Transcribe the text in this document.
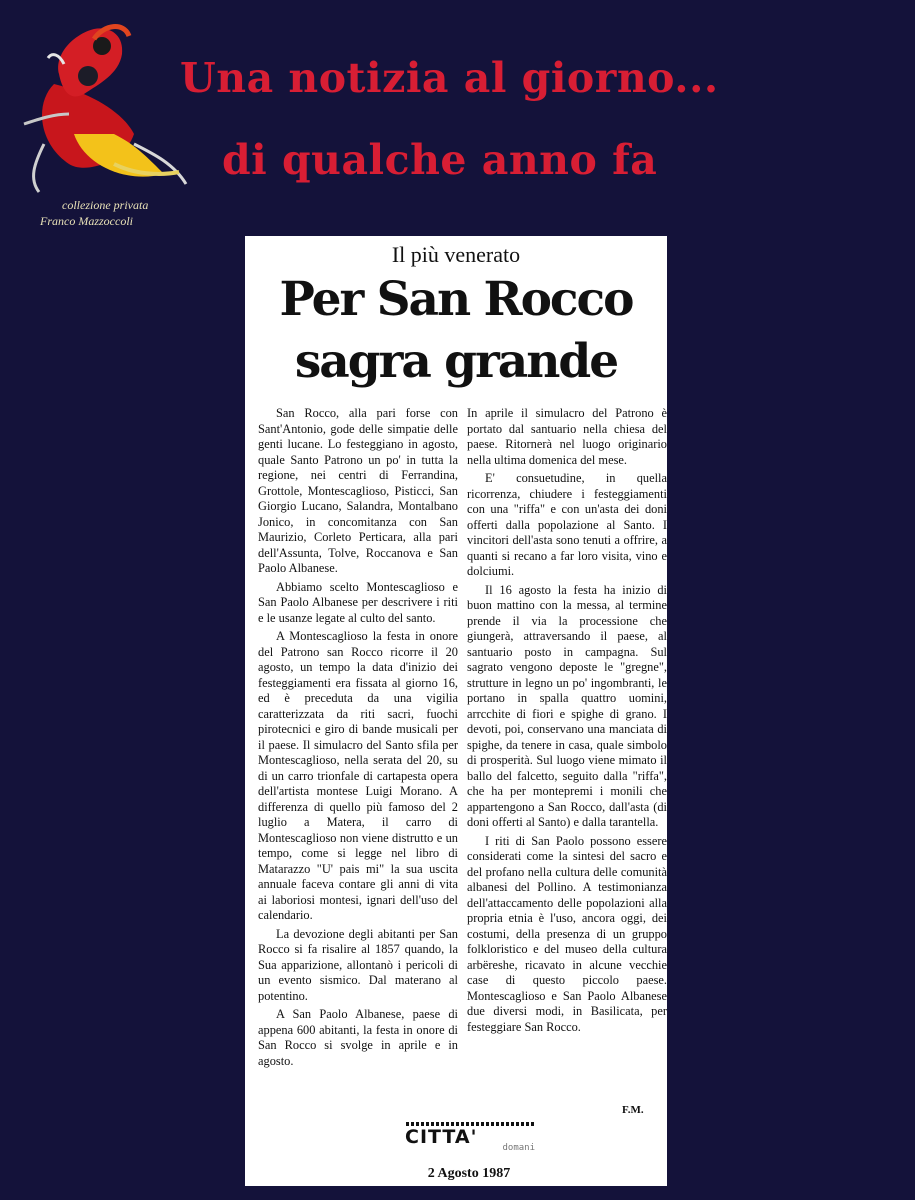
collezione privata
Franco Mazzoccoli
Una notizia al giorno...
di qualche anno fa
Il più venerato
Per San Rocco
sagra grande

San Rocco, alla pari forse con Sant'Antonio, gode delle simpatie delle genti lucane. Lo festeggiano in agosto, quale Santo Patrono un po' in tutta la regione, nei centri di Ferrandina, Grottole, Montescaglioso, Pisticci, San Giorgio Lucano, Salandra, Montalbano Jonico, in concomitanza con San Maurizio, Corleto Perticara, alla pari dell'Assunta, Tolve, Roccanova e San Paolo Albanese.

Abbiamo scelto Montescaglioso e San Paolo Albanese per descrivere i riti e le usanze legate al culto del santo.

A Montescaglioso la festa in onore del Patrono san Rocco ricorre il 20 agosto, un tempo la data d'inizio dei festeggiamenti era fissata al giorno 16, ed è preceduta da una vigilia caratterizzata da riti sacri, fuochi pirotecnici e giro di bande musicali per il paese. Il simulacro del Santo sfila per Montescaglioso, nella serata del 20, su di un carro trionfale di cartapesta opera dell'artista montese Luigi Morano. A differenza di quello più famoso del 2 luglio a Matera, il carro di Montescaglioso non viene distrutto e un tempo, come si legge nel libro di Matarazzo "U' pais mi" la sua uscita annuale faceva contare gli anni di vita ai laboriosi montesi, ignari dell'uso del calendario.

La devozione degli abitanti per San Rocco si fa risalire al 1857 quando, la Sua apparizione, allontanò i pericoli di un evento sismico. Dal materano al potentino.

A San Paolo Albanese, paese di appena 600 abitanti, la festa in onore di San Rocco si svolge in aprile e in agosto.

In aprile il simulacro del Patrono è portato dal santuario nella chiesa del paese. Ritornerà nel luogo originario nella ultima domenica del mese.

E' consuetudine, in quella ricorrenza, chiudere i festeggiamenti con una "riffa" e con un'asta dei doni offerti dalla popolazione al Santo. I vincitori dell'asta sono tenuti a offrire, a quanti si recano a far loro visita, vino e dolciumi.

Il 16 agosto la festa ha inizio di buon mattino con la messa, al termine prende il via la processione che giungerà, attraversando il paese, al santuario posto in campagna. Sul sagrato vengono deposte le "gregne", strutture in legno un po' ingombranti, le portano in spalla quattro uomini, arrcchite di fiori e spighe di grano. I devoti, poi, conservano una manciata di spighe, da tenere in casa, quale simbolo di prosperità. Sul luogo viene mimato il ballo del falcetto, seguito dalla "riffa", che ha per montepremi i monili che appartengono a San Rocco, dall'asta (di doni offerti al Santo) e dalla tarantella.

I riti di San Paolo possono essere considerati come la sintesi del sacro e del profano nella cultura delle comunità albanesi del Pollino. A testimonianza dell'attaccamento delle popolazioni alla propria etnia è l'uso, ancora oggi, dei costumi, della presenza di un gruppo folkloristico e del museo della cultura arbëreshe, ricavato in alcune vecchie case di questo piccolo paese. Montescaglioso e San Paolo Albanese due diversi modi, in Basilicata, per festeggiare San Rocco.

F.M.
CITTA'	domani
2 Agosto 1987
